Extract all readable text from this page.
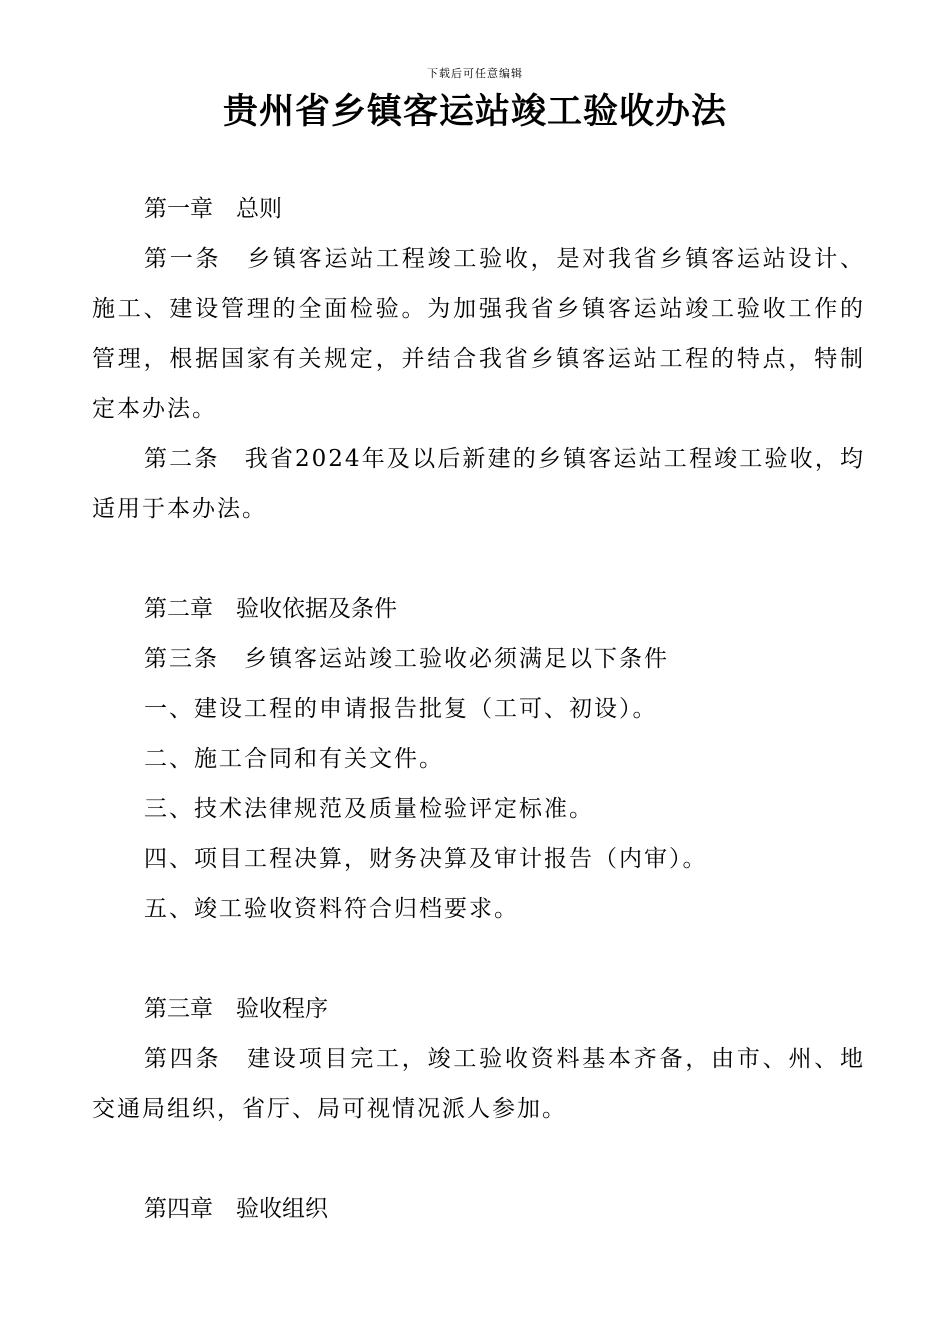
下载后可任意编辑
贵州省乡镇客运站竣工验收办法
第一章　总则

第一条　乡镇客运站工程竣工验收，是对我省乡镇客运站设计、施工、建设管理的全面检验。为加强我省乡镇客运站竣工验收工作的管理，根据国家有关规定，并结合我省乡镇客运站工程的特点，特制定本办法。

第二条　我省2024年及以后新建的乡镇客运站工程竣工验收，均适用于本办法。

第二章　验收依据及条件

第三条　乡镇客运站竣工验收必须满足以下条件

一、建设工程的申请报告批复（工可、初设）。
二、施工合同和有关文件。
三、技术法律规范及质量检验评定标准。
四、项目工程决算，财务决算及审计报告（内审）。
五、竣工验收资料符合归档要求。
第三章　验收程序

第四条　建设项目完工，竣工验收资料基本齐备，由市、州、地交通局组织，省厅、局可视情况派人参加。

第四章　验收组织
